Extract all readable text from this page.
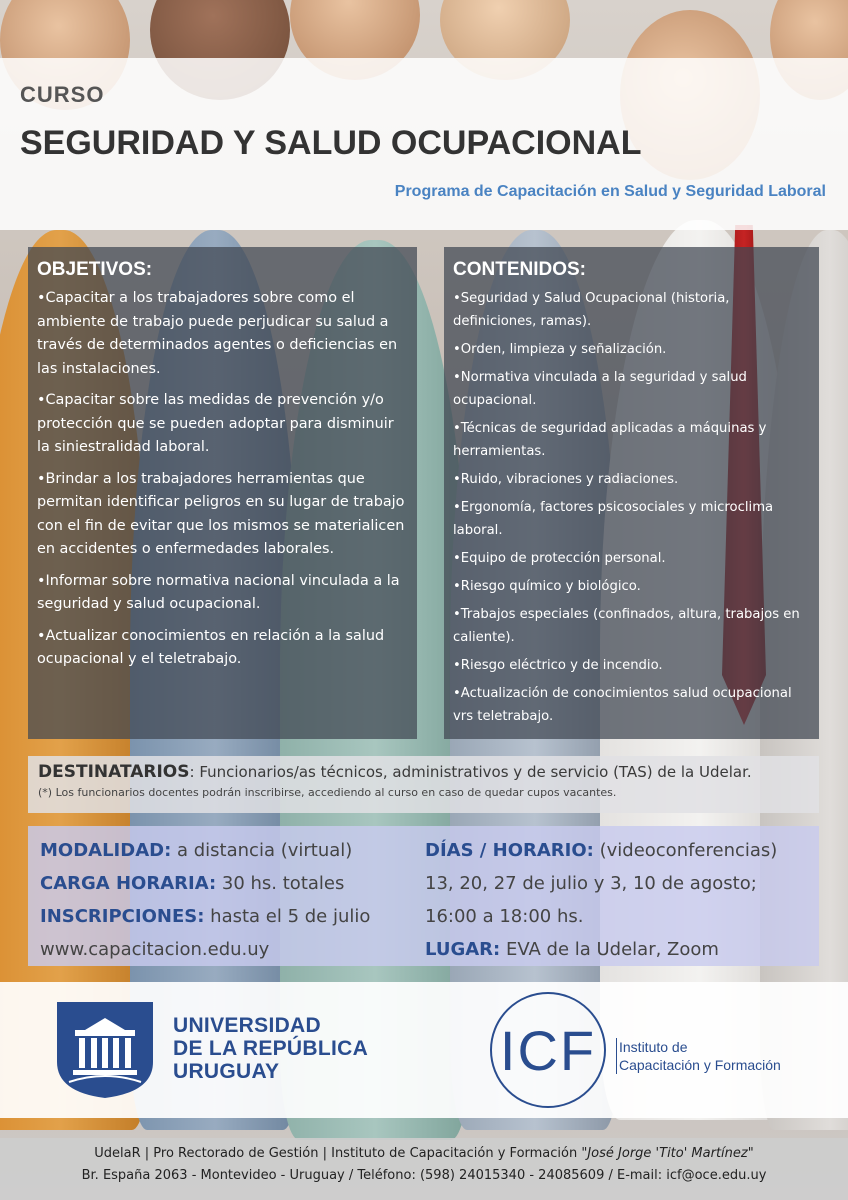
CURSO
SEGURIDAD Y SALUD OCUPACIONAL
Programa de Capacitación en Salud y Seguridad Laboral
OBJETIVOS:
•Capacitar a los trabajadores sobre como el ambiente de trabajo puede perjudicar su salud a través de determinados agentes o deficiencias en las instalaciones.
•Capacitar sobre las medidas de prevención y/o protección que se pueden adoptar para disminuir la siniestralidad laboral.
•Brindar a los trabajadores herramientas que permitan identificar peligros en su lugar de trabajo con el fin de evitar que los mismos se materialicen en accidentes o enfermedades laborales.
•Informar sobre normativa nacional vinculada a la seguridad y salud ocupacional.
•Actualizar conocimientos en relación a la salud ocupacional y el teletrabajo.
CONTENIDOS:
•Seguridad y Salud Ocupacional (historia, definiciones, ramas).
•Orden, limpieza y señalización.
•Normativa vinculada a la seguridad y salud ocupacional.
•Técnicas de seguridad aplicadas a máquinas y herramientas.
•Ruido, vibraciones y radiaciones.
•Ergonomía, factores psicosociales y microclima laboral.
•Equipo de protección personal.
•Riesgo químico y biológico.
•Trabajos especiales (confinados, altura, trabajos en caliente).
•Riesgo eléctrico y de incendio.
•Actualización de conocimientos salud ocupacional vrs teletrabajo.
DESTINATARIOS: Funcionarios/as técnicos, administrativos y de servicio (TAS) de la Udelar.
(*) Los funcionarios docentes podrán inscribirse, accediendo al curso en caso de quedar cupos vacantes.
MODALIDAD: a distancia (virtual)
CARGA HORARIA: 30 hs. totales
INSCRIPCIONES: hasta el 5 de julio
www.capacitacion.edu.uy
DÍAS / HORARIO: (videoconferencias)
13, 20, 27 de julio y 3, 10 de agosto;
16:00 a 18:00 hs.
LUGAR: EVA de la Udelar, Zoom
UNIVERSIDAD
DE LA REPÚBLICA
URUGUAY	ICF Instituto de
Capacitación y Formación
UdelaR | Pro Rectorado de Gestión | Instituto de Capacitación y Formación "José Jorge 'Tito' Martínez"
Br. España 2063 - Montevideo - Uruguay / Teléfono: (598) 24015340 - 24085609 / E-mail: icf@oce.edu.uy
